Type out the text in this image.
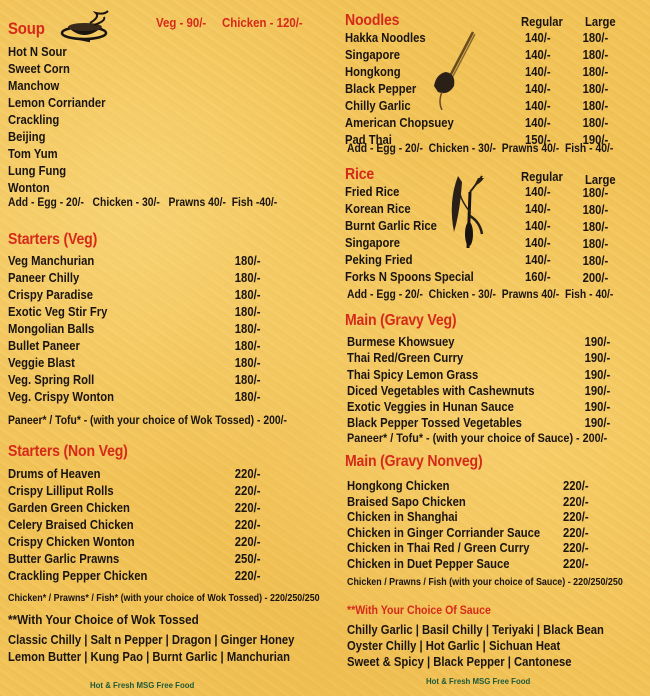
Soup	Veg - 90/- Chicken - 120/-
Hot N Sour
Sweet Corn
Manchow
Lemon Corriander
Crackling
Beijing
Tom Yum
Lung Fung
Wonton
Add - Egg - 20/-   Chicken - 30/-   Prawns 40/-  Fish -40/-
Starters (Veg)
Veg Manchurian	180/-
Paneer Chilly	180/-
Crispy Paradise	180/-
Exotic Veg Stir Fry	180/-
Mongolian Balls	180/-
Bullet Paneer	180/-
Veggie Blast	180/-
Veg. Spring Roll	180/-
Veg. Crispy Wonton	180/-
Paneer* / Tofu* - (with your choice of Wok Tossed) - 200/-
Starters (Non Veg)
Drums of Heaven	220/-
Crispy Lilliput Rolls	220/-
Garden Green Chicken	220/-
Celery Braised Chicken	220/-
Crispy Chicken Wonton	220/-
Butter Garlic Prawns	250/-
Crackling Pepper Chicken	220/-
Chicken* / Prawns* / Fish* (with your choice of Wok Tossed) - 220/250/250
**With Your Choice of Wok Tossed
Classic Chilly | Salt n Pepper | Dragon | Ginger Honey
Lemon Butter | Kung Pao | Burnt Garlic | Manchurian
Hot & Fresh MSG Free Food
Noodles	Regular Large
Hakka Noodles	140/-	180/-
Singapore	140/-	180/-
Hongkong	140/-	180/-
Black Pepper	140/-	180/-
Chilly Garlic	140/-	180/-
American Chopsuey	140/-	180/-
Pad Thai	150/-	190/-
Add - Egg - 20/-  Chicken - 30/-  Prawns 40/-  Fish - 40/-
Rice	Regular Large
Fried Rice	140/-	180/-
Korean Rice	140/-	180/-
Burnt Garlic Rice	140/-	180/-
Singapore	140/-	180/-
Peking Fried	140/-	180/-
Forks N Spoons Special	160/-	200/-
Add - Egg - 20/-  Chicken - 30/-  Prawns 40/-  Fish - 40/-
Main (Gravy Veg)
Burmese Khowsuey	190/-
Thai Red/Green Curry	190/-
Thai Spicy Lemon Grass	190/-
Diced Vegetables with Cashewnuts	190/-
Exotic Veggies in Hunan Sauce	190/-
Black Pepper Tossed Vegetables	190/-
Paneer* / Tofu* - (with your choice of Sauce) - 200/-
Main (Gravy Nonveg)
Hongkong Chicken	220/-
Braised Sapo Chicken	220/-
Chicken in Shanghai	220/-
Chicken in Ginger Corriander Sauce 220/-
Chicken in Thai Red / Green Curry	220/-
Chicken in Duet Pepper Sauce	220/-
Chicken / Prawns / Fish (with your choice of Sauce) - 220/250/250
**With Your Choice Of Sauce
Chilly Garlic | Basil Chilly | Teriyaki | Black Bean
Oyster Chilly | Hot Garlic | Sichuan Heat
Sweet & Spicy | Black Pepper | Cantonese
Hot & Fresh MSG Free Food
